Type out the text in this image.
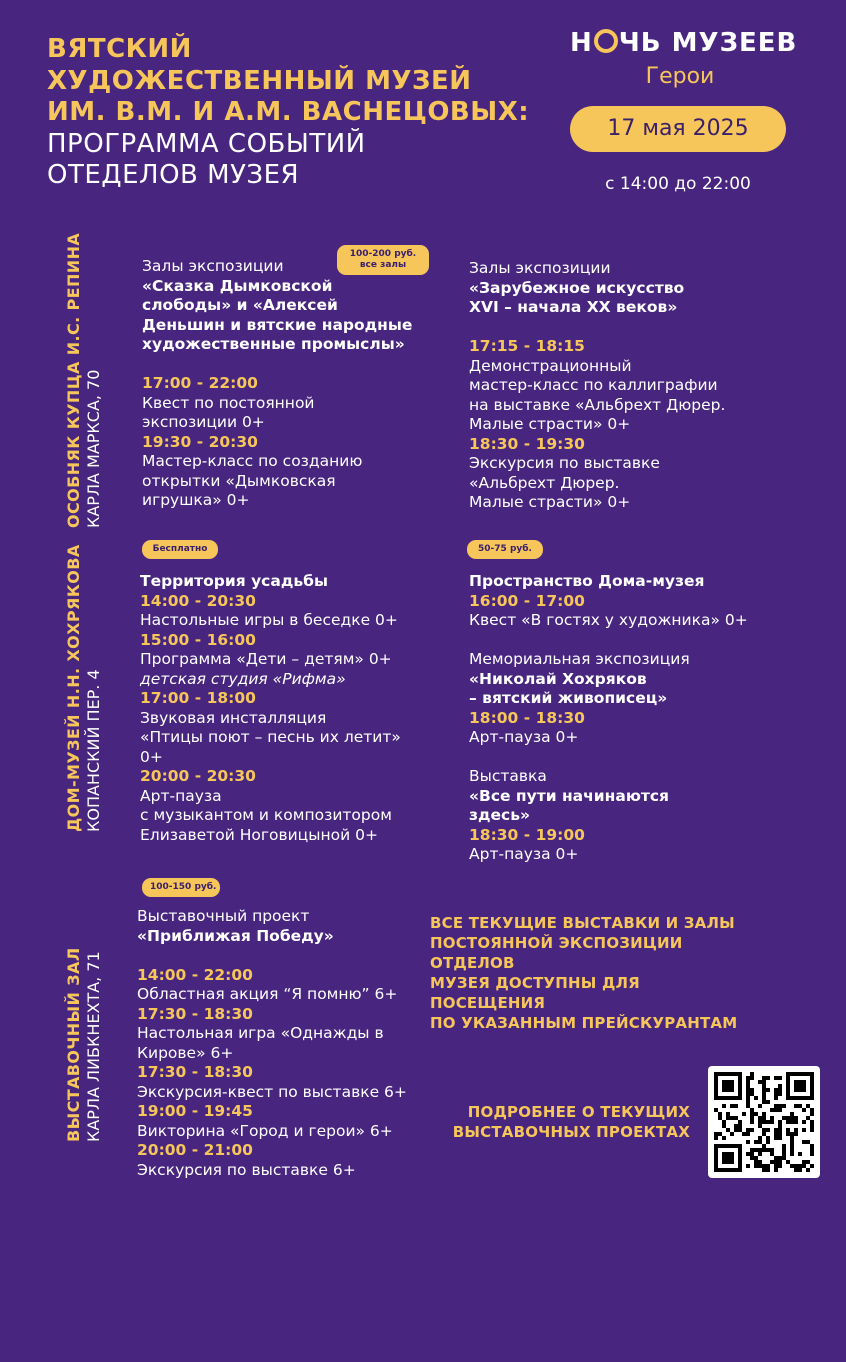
ВЯТСКИЙ
ХУДОЖЕСТВЕННЫЙ МУЗЕЙ
ИМ. В.М. И А.М. ВАСНЕЦОВЫХ:
ПРОГРАММА СОБЫТИЙ
ОТЕДЕЛОВ МУЗЕЯ
Н ЧЬ МУЗЕЕВ
Герои
17 мая 2025
с 14:00 до 22:00
ОСОБНЯК КУПЦА И.С. РЕПИНА КАРЛА МАРКСА, 70
100-200 руб.
все залы

Залы экспозиции

«Сказка Дымковской

слободы» и «Алексей

Деньшин и вятские народные

художественные промыслы»

17:00 - 22:00

Квест по постоянной

экспозиции 0+

19:30 - 20:30

Мастер-класс по созданию

открытки «Дымковская

игрушка» 0+

Залы экспозиции

«Зарубежное искусство

XVI – начала XX веков»

17:15 - 18:15

Демонстрационный

мастер-класс по каллиграфии

на выставке «Альбрехт Дюрер.

Малые страсти» 0+

18:30 - 19:30

Экскурсия по выставке

«Альбрехт Дюрер.

Малые страсти» 0+

ДОМ-МУЗЕЙ Н.Н. ХОХРЯКОВА КОПАНСКИЙ ПЕР. 4
Бесплатно	50-75 руб.

Территория усадьбы

14:00 - 20:30

Настольные игры в беседке 0+

15:00 - 16:00

Программа «Дети – детям» 0+

детская студия «Рифма»

17:00 - 18:00

Звуковая инсталляция

«Птицы поют – песнь их летит»

0+

20:00 - 20:30

Арт-пауза

с музыкантом и композитором

Елизаветой Ноговицыной 0+

Пространство Дома-музея

16:00 - 17:00

Квест «В гостях у художника» 0+

Мемориальная экспозиция

«Николай Хохряков

– вятский живописец»

18:00 - 18:30

Арт-пауза 0+

Выставка

«Все пути начинаются

здесь»

18:30 - 19:00

Арт-пауза 0+

ВЫСТАВОЧНЫЙ ЗАЛ КАРЛА ЛИБКНЕХТА, 71
100-150 руб.

Выставочный проект

«Приближая Победу»

14:00 - 22:00

Областная акция “Я помню” 6+

17:30 - 18:30

Настольная игра «Однажды в

Кирове» 6+

17:30 - 18:30

Экскурсия-квест по выставке 6+

19:00 - 19:45

Викторина «Город и герои» 6+

20:00 - 21:00

Экскурсия по выставке 6+

ВСЕ ТЕКУЩИЕ ВЫСТАВКИ И ЗАЛЫ
ПОСТОЯННОЙ ЭКСПОЗИЦИИ ОТДЕЛОВ
МУЗЕЯ ДОСТУПНЫ ДЛЯ ПОСЕЩЕНИЯ
ПО УКАЗАННЫМ ПРЕЙСКУРАНТАМ
ПОДРОБНЕЕ О ТЕКУЩИХ
ВЫСТАВОЧНЫХ ПРОЕКТАХ
